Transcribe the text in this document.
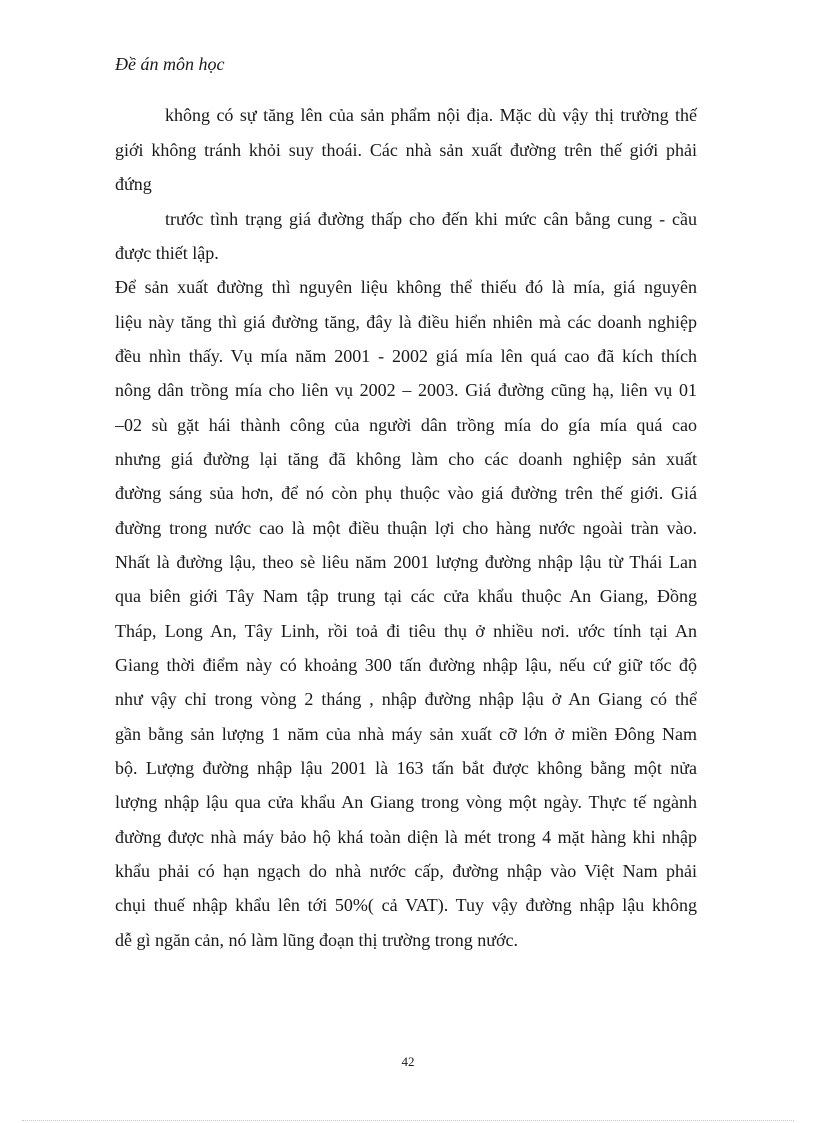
Đề án môn học
không có sự tăng lên của sản phẩm nội địa. Mặc dù vậy thị trường thế
giới không tránh khỏi suy thoái. Các nhà sản xuất đường trên thế giới phải
đứng
trước tình trạng giá đường thấp cho đến khi mức cân bằng cung - cầu
được thiết lập.
Để sản xuất đường thì nguyên liệu không thể thiếu đó là mía, giá nguyên
liệu này tăng thì giá đường tăng, đây là điều hiển nhiên mà các doanh nghiệp
đều nhìn thấy. Vụ mía năm 2001 - 2002 giá mía lên quá cao đã kích thích
nông dân trồng mía cho liên vụ 2002 – 2003. Giá đường cũng hạ, liên vụ 01
–02 sù gặt hái thành công của người dân trồng mía do gía mía quá cao
nhưng giá đường lại tăng đã không làm cho các doanh nghiệp sản xuất
đường sáng sủa hơn, để nó còn phụ thuộc vào giá đường trên thế giới. Giá
đường trong nước cao là một điều thuận lợi cho hàng nước ngoài tràn vào.
Nhất là đường lậu, theo sè liêu năm 2001 lượng đường nhập lậu từ Thái Lan
qua biên giới Tây Nam tập trung tại các cửa khẩu thuộc An Giang, Đồng
Tháp, Long An, Tây Linh, rồi toả đi tiêu thụ ở nhiều nơi. ước tính tại An
Giang thời điểm này có khoảng 300 tấn đường nhập lậu, nếu cứ giữ tốc độ
như vậy chỉ trong vòng 2 tháng , nhập đường nhập lậu ở An Giang có thể
gần bằng sản lượng 1 năm của nhà máy sản xuất cỡ lớn ở miền Đông Nam
bộ. Lượng đường nhập lậu 2001 là 163 tấn bắt được không bằng một nửa
lượng nhập lậu qua cửa khẩu An Giang trong vòng một ngày. Thực tế ngành
đường được nhà máy bảo hộ khá toàn diện là mét trong 4 mặt hàng khi nhập
khẩu phải có hạn ngạch do nhà nước cấp, đường nhập vào Việt Nam phải
chụi thuế nhập khẩu lên tới 50%( cả VAT). Tuy vậy đường nhập lậu không
dễ gì ngăn cản, nó làm lũng đoạn thị trường trong nước.
42
